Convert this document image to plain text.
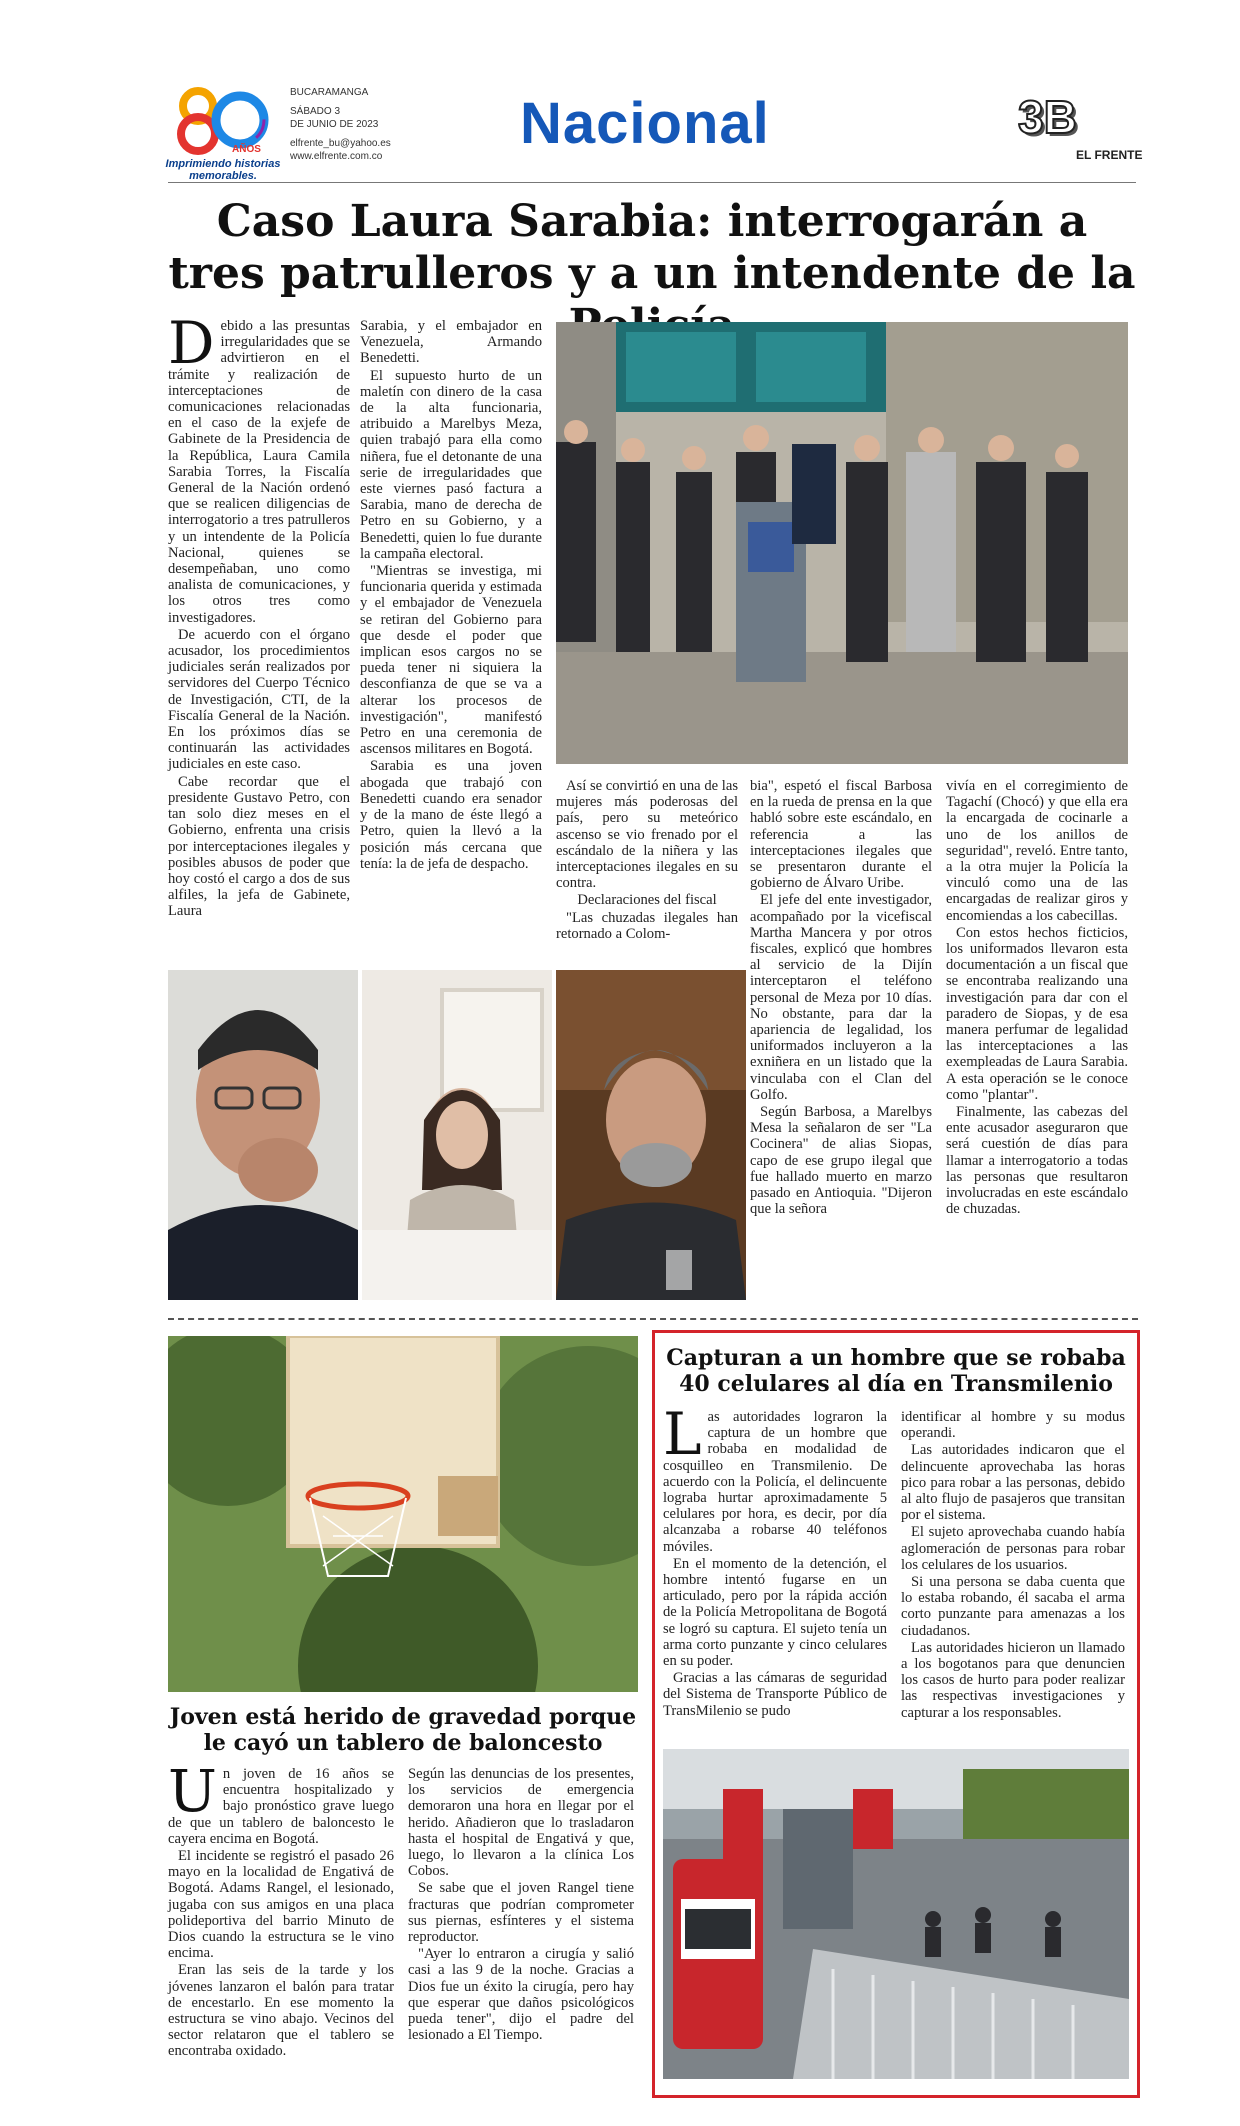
AÑOS
Imprimiendo historias memorables.
BUCARAMANGA
SÁBADO 3
DE JUNIO DE 2023
elfrente_bu@yahoo.es
www.elfrente.com.co
Nacional	3B
EL FRENTE
Caso Laura Sarabia: interrogarán a tres patrulleros y a un intendente de la
D ebido a las presuntas irregularidades que se advirtieron en el trámite y realización de interceptaciones de comunicaciones relacionadas en el caso de la exjefe de Gabinete de la Presidencia de la República, Laura Camila Sarabia Torres, la Fiscalía General de la Nación ordenó que se realicen diligencias de interrogatorio a tres patrulleros y un intendente de la Policía Nacional, quienes se desempeñaban, uno como analista de comunicaciones, y los otros tres como investigadores.

De acuerdo con el órgano acusador, los procedimientos judiciales serán realizados por servidores del Cuerpo Técnico de Investigación, CTI, de la Fiscalía General de la Nación. En los próximos días se continuarán las actividades judiciales en este caso.

Cabe recordar que el presidente Gustavo Petro, con tan solo diez meses en el Gobierno, enfrenta una crisis por interceptaciones ilegales y posibles abusos de poder que hoy costó el cargo a dos de sus alfiles, la jefa de Gabinete, Laura

Sarabia, y el embajador en Venezuela, Armando Benedetti.

El supuesto hurto de un maletín con dinero de la casa de la alta funcionaria, atribuido a Marelbys Meza, quien trabajó para ella como niñera, fue el detonante de una serie de irregularidades que este viernes pasó factura a Sarabia, mano de derecha de Petro en su Gobierno, y a Benedetti, quien lo fue durante la campaña electoral.

"Mientras se investiga, mi funcionaria querida y estimada y el embajador de Venezuela se retiran del Gobierno para que desde el poder que implican esos cargos no se pueda tener ni siquiera la desconfianza de que se va a alterar los procesos de investigación", manifestó Petro en una ceremonia de ascensos militares en Bogotá.

Sarabia es una joven abogada que trabajó con Benedetti cuando era senador y de la mano de éste llegó a Petro, quien la llevó a la posición más cercana que tenía: la de jefa de despacho.

Así se convirtió en una de las mujeres más poderosas del país, pero su meteórico ascenso se vio frenado por el escándalo de la niñera y las interceptaciones ilegales en su contra.

Declaraciones del fiscal

"Las chuzadas ilegales han retornado a Colom-

bia", espetó el fiscal Barbosa en la rueda de prensa en la que habló sobre este escándalo, en referencia a las interceptaciones ilegales que se presentaron durante el gobierno de Álvaro Uribe.

El jefe del ente investigador, acompañado por la vicefiscal Martha Mancera y por otros fiscales, explicó que hombres al servicio de la Dijín interceptaron el teléfono personal de Meza por 10 días. No obstante, para dar la apariencia de legalidad, los uniformados incluyeron a la exniñera en un listado que la vinculaba con el Clan del Golfo.

Según Barbosa, a Marelbys Mesa la señalaron de ser "La Cocinera" de alias Siopas, capo de ese grupo ilegal que fue hallado muerto en marzo pasado en Antioquia. "Dijeron que la señora

vivía en el corregimiento de Tagachí (Chocó) y que ella era la encargada de cocinarle a uno de los anillos de seguridad", reveló. Entre tanto, a la otra mujer la Policía la vinculó como una de las encargadas de realizar giros y encomiendas a los cabecillas.

Con estos hechos ficticios, los uniformados llevaron esta documentación a un fiscal que se encontraba realizando una investigación para dar con el paradero de Siopas, y de esa manera perfumar de legalidad las interceptaciones a las exempleadas de Laura Sarabia. A esta operación se le conoce como "plantar".

Finalmente, las cabezas del ente acusador aseguraron que será cuestión de días para llamar a interrogatorio a todas las personas que resultaron involucradas en este escándalo de chuzadas.

Joven está herido de gravedad porque le cayó un tablero de baloncesto
U n joven de 16 años se encuentra hospitalizado y bajo pronóstico grave luego de que un tablero de baloncesto le cayera encima en Bogotá.

El incidente se registró el pasado 26 mayo en la localidad de Engativá de Bogotá. Adams Rangel, el lesionado, jugaba con sus amigos en una placa polideportiva del barrio Minuto de Dios cuando la estructura se le vino encima.

Eran las seis de la tarde y los jóvenes lanzaron el balón para tratar de encestarlo. En ese momento la estructura se vino abajo. Vecinos del sector relataron que el tablero se encontraba oxidado.

Según las denuncias de los presentes, los servicios de emergencia demoraron una hora en llegar por el herido. Añadieron que lo trasladaron hasta el hospital de Engativá y que, luego, lo llevaron a la clínica Los Cobos.

Se sabe que el joven Rangel tiene fracturas que podrían comprometer sus piernas, esfínteres y el sistema reproductor.

"Ayer lo entraron a cirugía y salió casi a las 9 de la noche. Gracias a Dios fue un éxito la cirugía, pero hay que esperar que daños psicológicos pueda tener", dijo el padre del lesionado a El Tiempo.

Capturan a un hombre que se robaba 40 celulares al día en Transmilenio
L as autoridades lograron la captura de un hombre que robaba en modalidad de cosquilleo en Transmilenio. De acuerdo con la Policía, el delincuente lograba hurtar aproximadamente 5 celulares por hora, es decir, por día alcanzaba a robarse 40 teléfonos móviles.

En el momento de la detención, el hombre intentó fugarse en un articulado, pero por la rápida acción de la Policía Metropolitana de Bogotá se logró su captura. El sujeto tenía un arma corto punzante y cinco celulares en su poder.

Gracias a las cámaras de seguridad del Sistema de Transporte Público de TransMilenio se pudo

identificar al hombre y su modus operandi.

Las autoridades indicaron que el delincuente aprovechaba las horas pico para robar a las personas, debido al alto flujo de pasajeros que transitan por el sistema.

El sujeto aprovechaba cuando había aglomeración de personas para robar los celulares de los usuarios.

Si una persona se daba cuenta que lo estaba robando, él sacaba el arma corto punzante para amenazas a los ciudadanos.

Las autoridades hicieron un llamado a los bogotanos para que denuncien los casos de hurto para poder realizar las respectivas investigaciones y capturar a los responsables.
